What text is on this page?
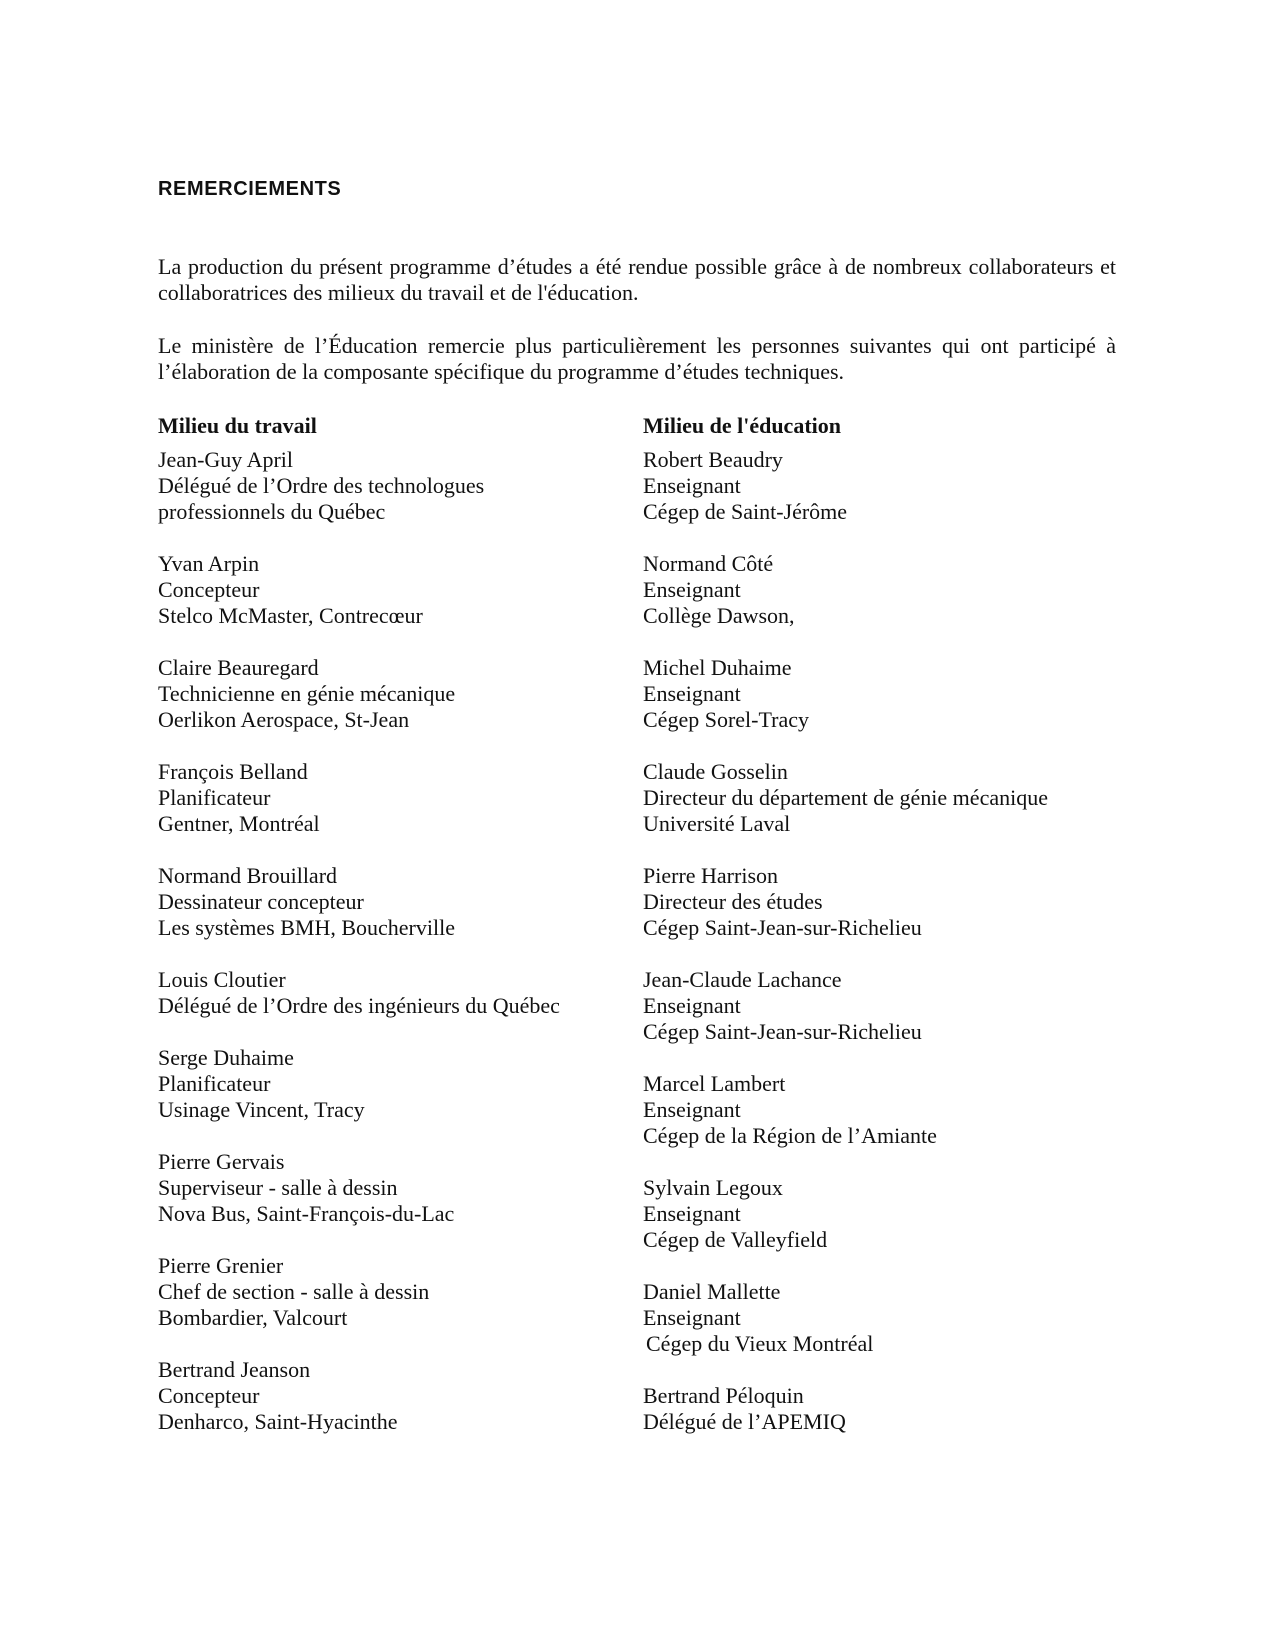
REMERCIEMENTS

La production du présent programme d’études a été rendue possible grâce à de nombreux collaborateurs et collaboratrices des milieux du travail et de l'éducation.

Le ministère de l’Éducation remercie plus particulièrement les personnes suivantes qui ont participé à l’élaboration de la composante spécifique du programme d’études techniques.

Milieu du travail
Jean-Guy April
Délégué de l’Ordre des technologues
professionnels du Québec
Yvan Arpin
Concepteur
Stelco McMaster, Contrecœur
Claire Beauregard
Technicienne en génie mécanique
Oerlikon Aerospace, St-Jean
François Belland
Planificateur
Gentner, Montréal
Normand Brouillard
Dessinateur concepteur
Les systèmes BMH, Boucherville
Louis Cloutier
Délégué de l’Ordre des ingénieurs du Québec
Serge Duhaime
Planificateur
Usinage Vincent, Tracy
Pierre Gervais
Superviseur - salle à dessin
Nova Bus, Saint-François-du-Lac
Pierre Grenier
Chef de section - salle à dessin
Bombardier, Valcourt
Bertrand Jeanson
Concepteur
Denharco, Saint-Hyacinthe
Milieu de l'éducation
Robert Beaudry
Enseignant
Cégep de Saint-Jérôme
Normand Côté
Enseignant
Collège Dawson,
Michel Duhaime
Enseignant
Cégep Sorel-Tracy
Claude Gosselin
Directeur du département de génie mécanique
Université Laval
Pierre Harrison
Directeur des études
Cégep Saint-Jean-sur-Richelieu
Jean-Claude Lachance
Enseignant
Cégep Saint-Jean-sur-Richelieu
Marcel Lambert
Enseignant
Cégep de la Région de l’Amiante
Sylvain Legoux
Enseignant
Cégep de Valleyfield
Daniel Mallette
Enseignant
Cégep du Vieux Montréal
Bertrand Péloquin
Délégué de l’APEMIQ
